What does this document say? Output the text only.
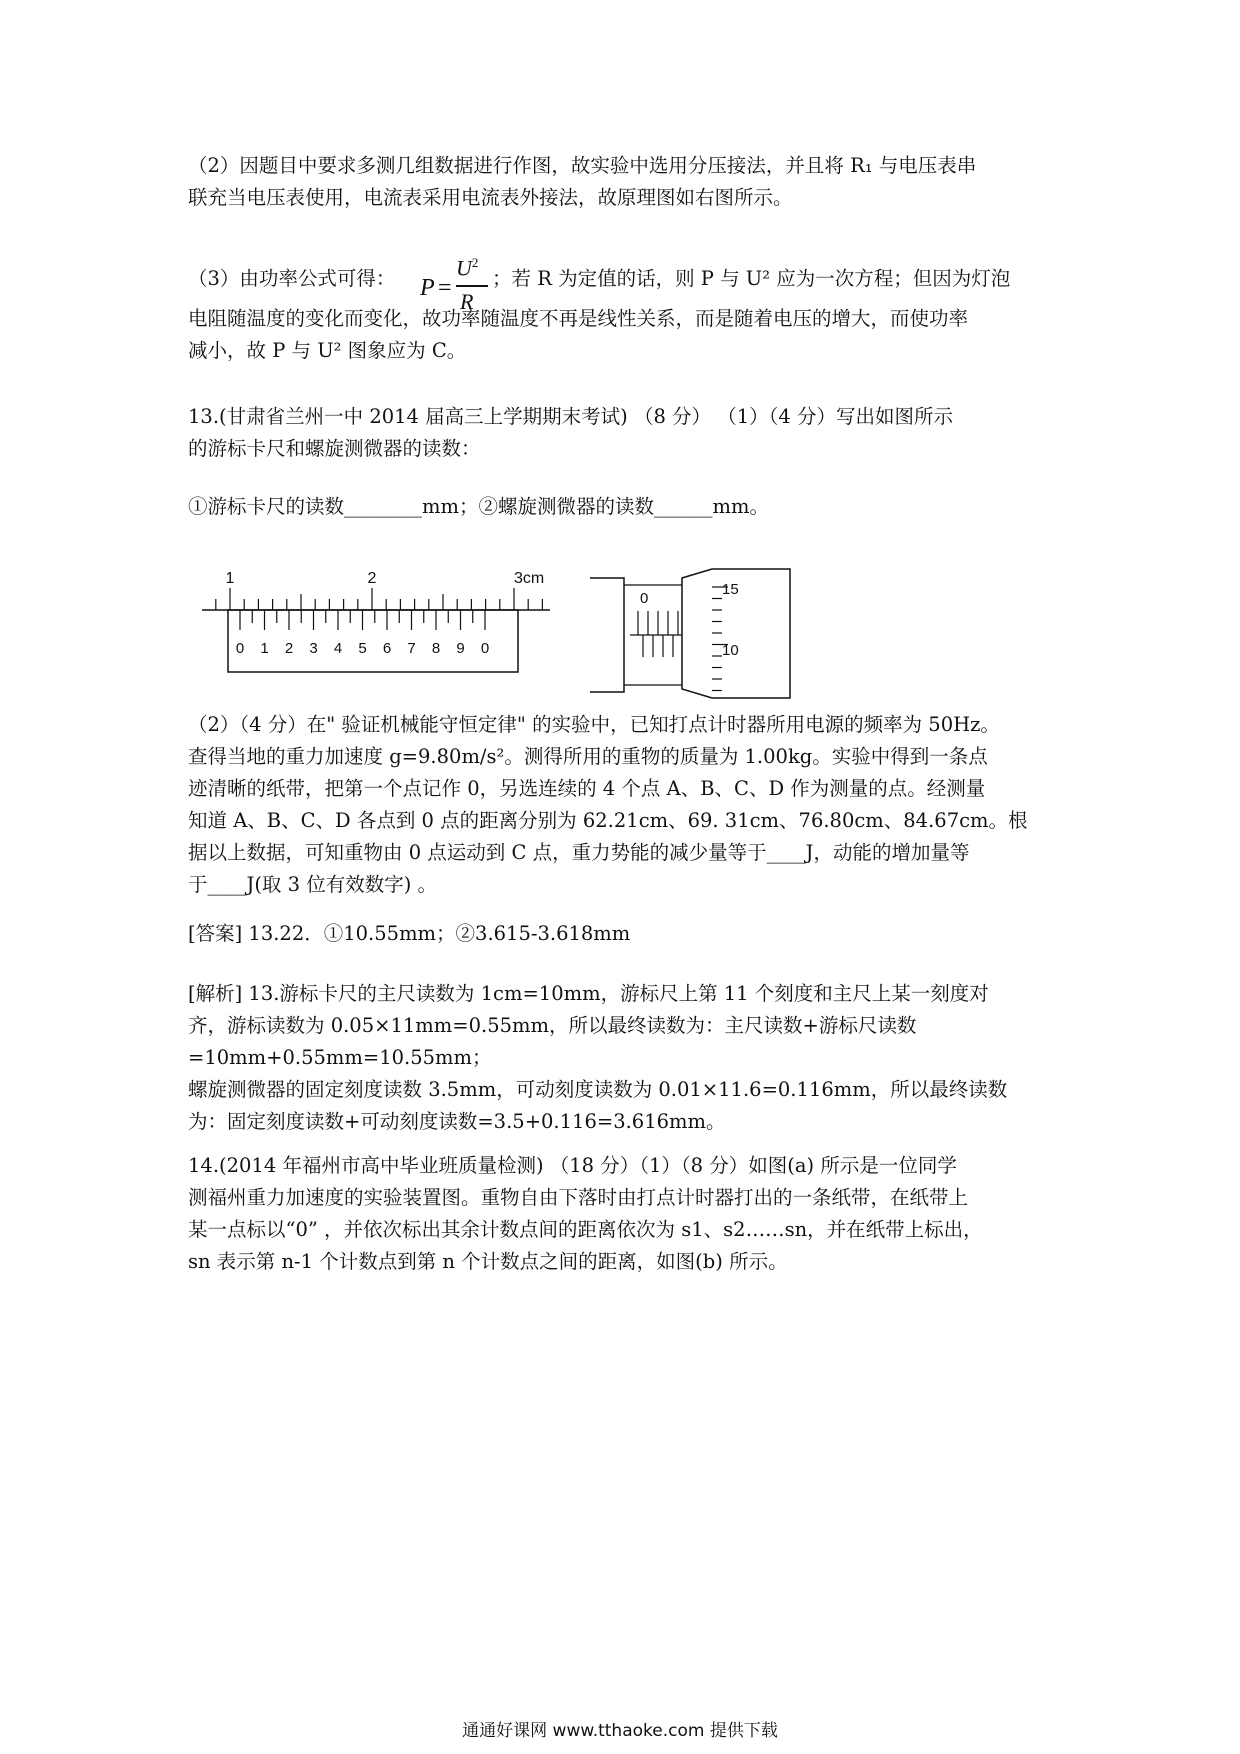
（2）因题目中要求多测几组数据进行作图，故实验中选用分压接法，并且将 R₁ 与电压表串
联充当电压表使用，电流表采用电流表外接法，故原理图如右图所示。
（3）由功率公式可得：	P =
$U^2$
R
；若 R 为定值的话，则 P 与 U² 应为一次方程；但因为灯泡
电阻随温度的变化而变化，故功率随温度不再是线性关系，而是随着电压的增大，而使功率
减小，故 P 与 U² 图象应为 C。
13.(甘肃省兰州一中 2014 届高三上学期期末考试) （8 分） （1）（4 分）写出如图所示
的游标卡尺和螺旋测微器的读数：
①游标卡尺的读数________mm；②螺旋测微器的读数______mm。
1	2	3cm
0 1 2 3 4 5 6 7 8 9 0
0
15
10
（2）（4 分）在" 验证机械能守恒定律" 的实验中，已知打点计时器所用电源的频率为 50Hz。
查得当地的重力加速度 g=9.80m/s²。测得所用的重物的质量为 1.00kg。实验中得到一条点
迹清晰的纸带，把第一个点记作 0，另选连续的 4 个点 A、B、C、D 作为测量的点。经测量
知道 A、B、C、D 各点到 0 点的距离分别为 62.21cm、69. 31cm、76.80cm、84.67cm。根
据以上数据，可知重物由 0 点运动到 C 点，重力势能的减少量等于____J，动能的增加量等
于____J(取 3 位有效数字) 。
[答案] 13.22．①10.55mm；②3.615-3.618mm
[解析] 13.游标卡尺的主尺读数为 1cm=10mm，游标尺上第 11 个刻度和主尺上某一刻度对
齐，游标读数为 0.05×11mm=0.55mm，所以最终读数为：主尺读数+游标尺读数
=10mm+0.55mm=10.55mm；
螺旋测微器的固定刻度读数 3.5mm，可动刻度读数为 0.01×11.6=0.116mm，所以最终读数
为：固定刻度读数+可动刻度读数=3.5+0.116=3.616mm。
14.(2014 年福州市高中毕业班质量检测) （18 分）（1）（8 分）如图(a) 所示是一位同学
测福州重力加速度的实验装置图。重物自由下落时由打点计时器打出的一条纸带，在纸带上
某一点标以“0” ，并依次标出其余计数点间的距离依次为 s1、s2……sn，并在纸带上标出，
sn 表示第 n-1 个计数点到第 n 个计数点之间的距离，如图(b) 所示。
通通好课网 www.tthaoke.com 提供下载
